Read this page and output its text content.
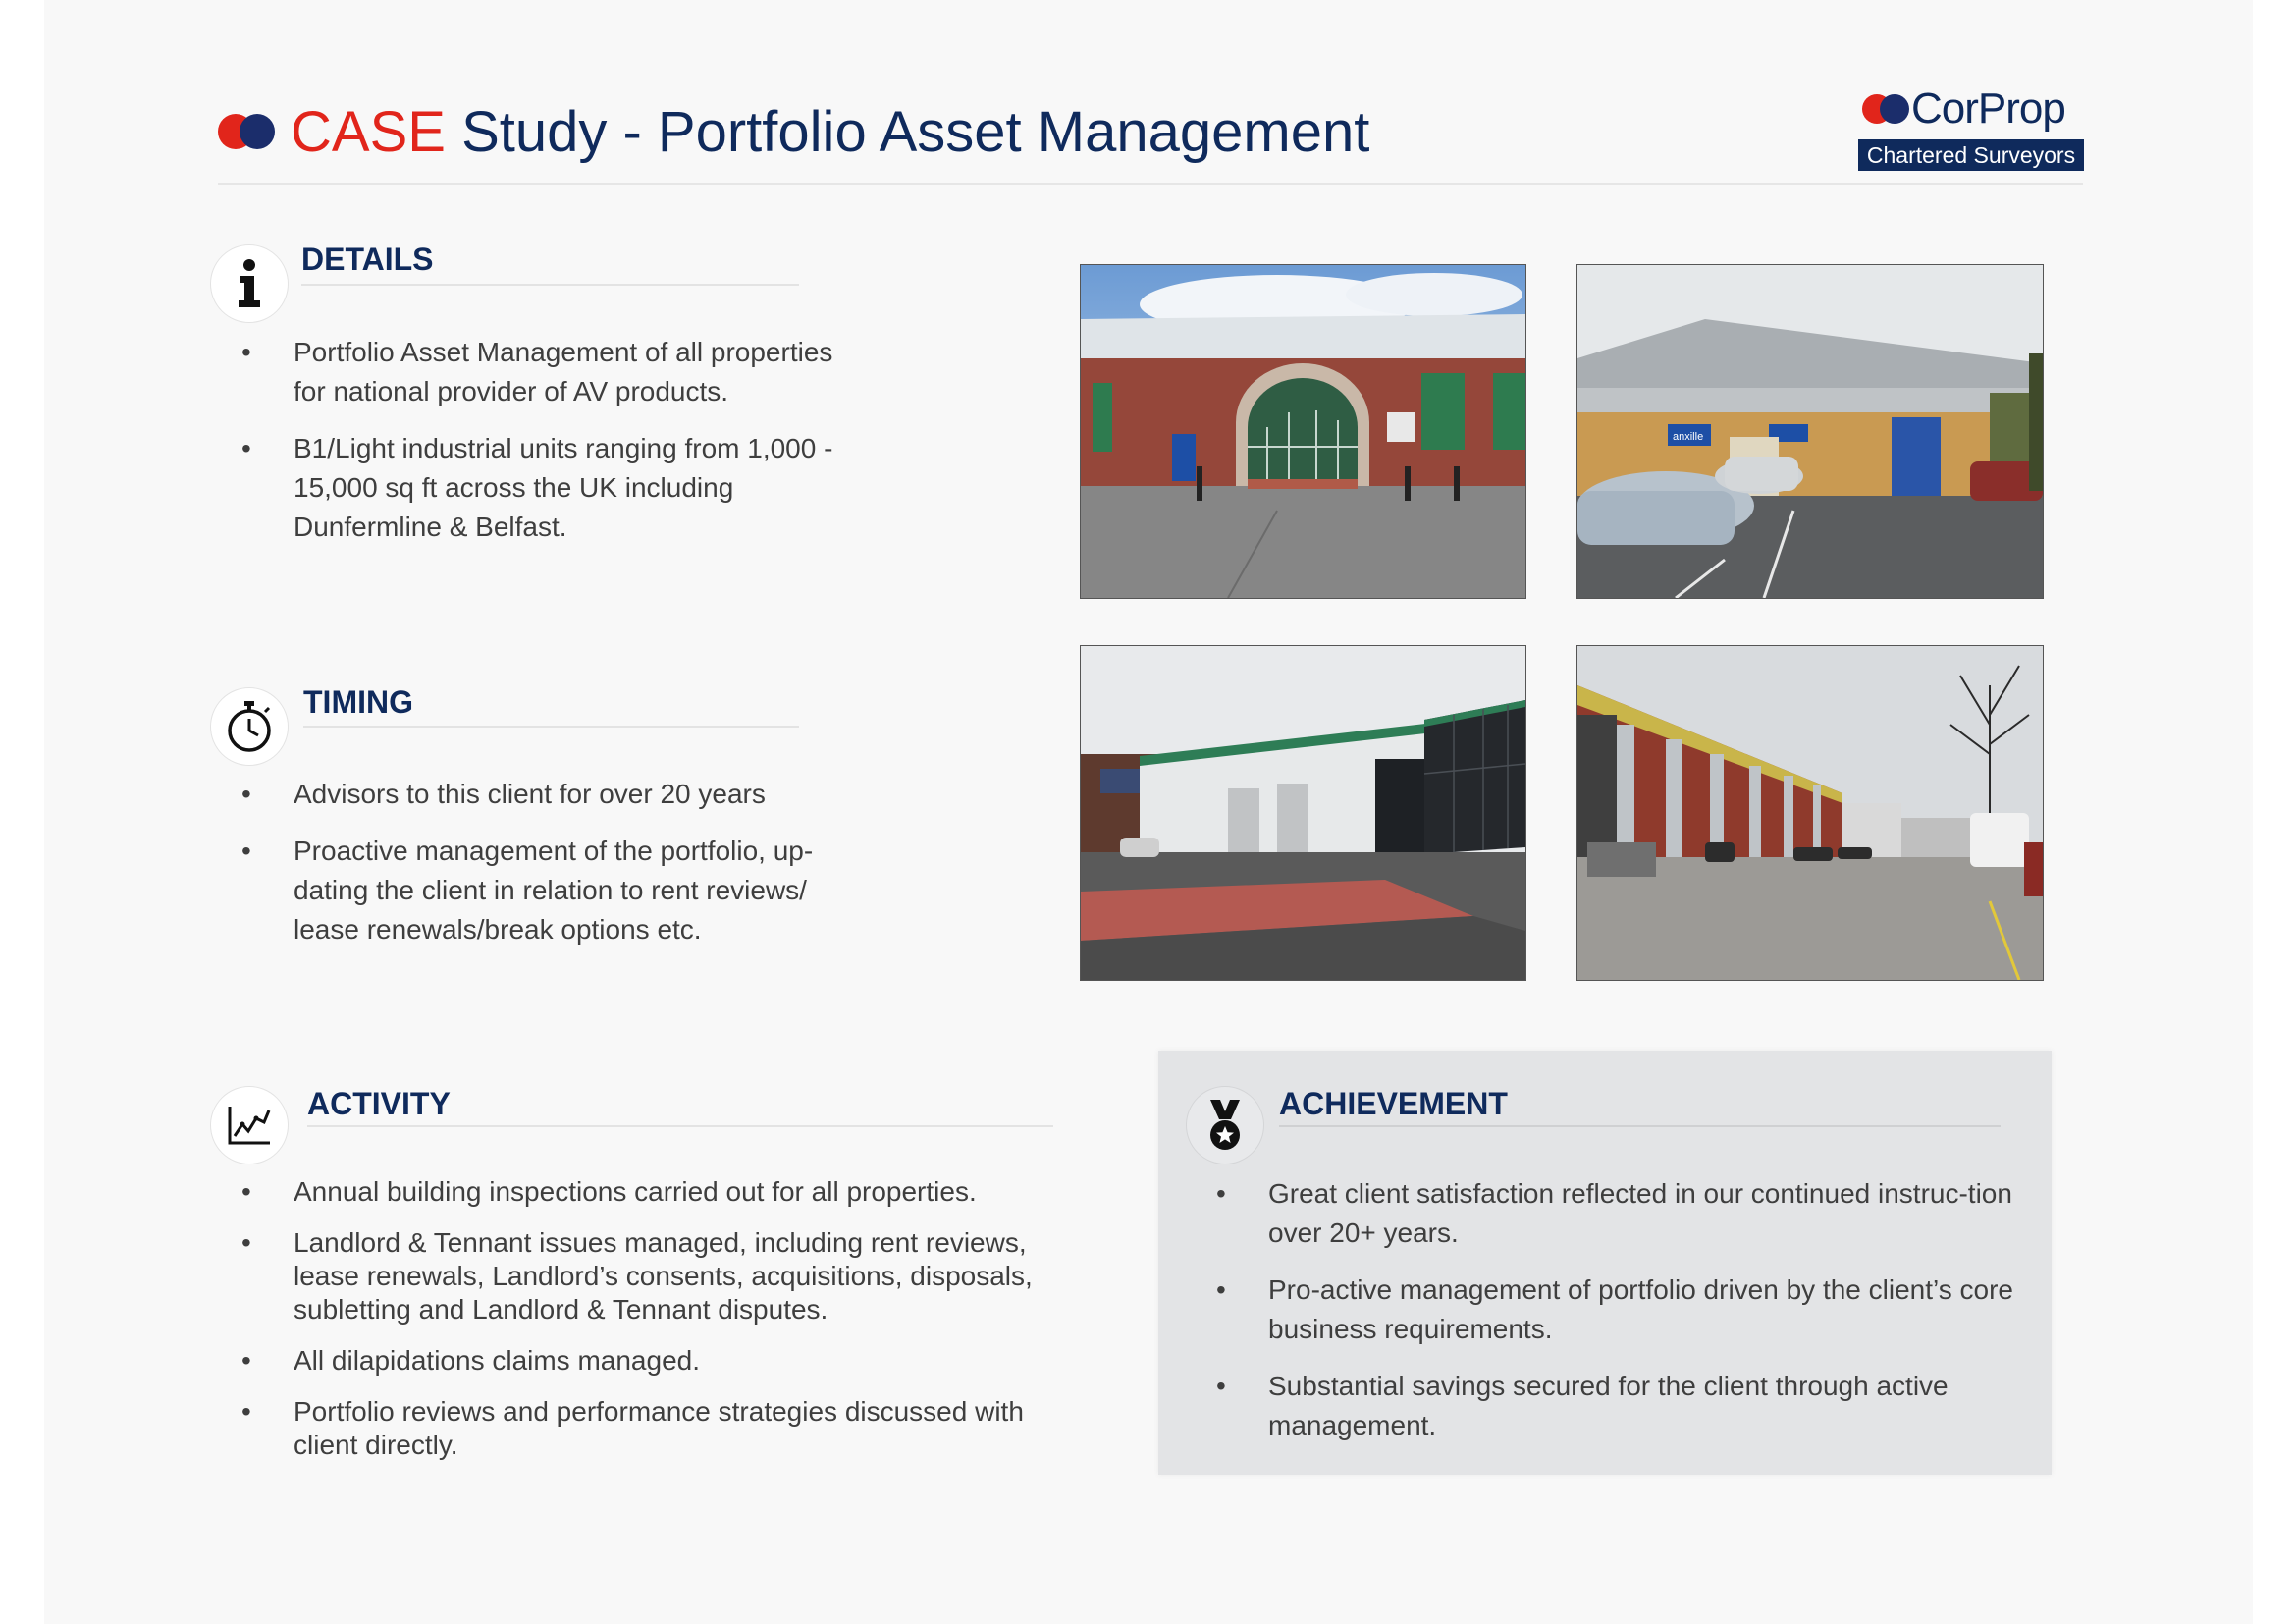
CASE Study - Portfolio Asset Management	CorProp
Chartered Surveyors
DETAILS
• Portfolio Asset Management of all properties for national provider of AV products.
• B1/Light industrial units ranging from 1,000 - 15,000 sq ft across the UK including Dunfermline & Belfast.
TIMING
• Advisors to this client for over 20 years
• Proactive management of the portfolio, up-dating the client in relation to rent reviews/ lease renewals/break options etc.
ACTIVITY
• Annual building inspections carried out for all properties.
• Landlord & Tennant issues managed, including rent reviews, lease renewals, Landlord’s consents, acquisitions, disposals, subletting and Landlord & Tennant disputes.
• All dilapidations claims managed.
• Portfolio reviews and performance strategies discussed with client directly.
ACHIEVEMENT
• Great client satisfaction reflected in our continued instruc-tion over 20+ years.
• Pro-active management of portfolio driven by the client’s core business requirements.
• Substantial savings secured for the client through active management.
anxille
